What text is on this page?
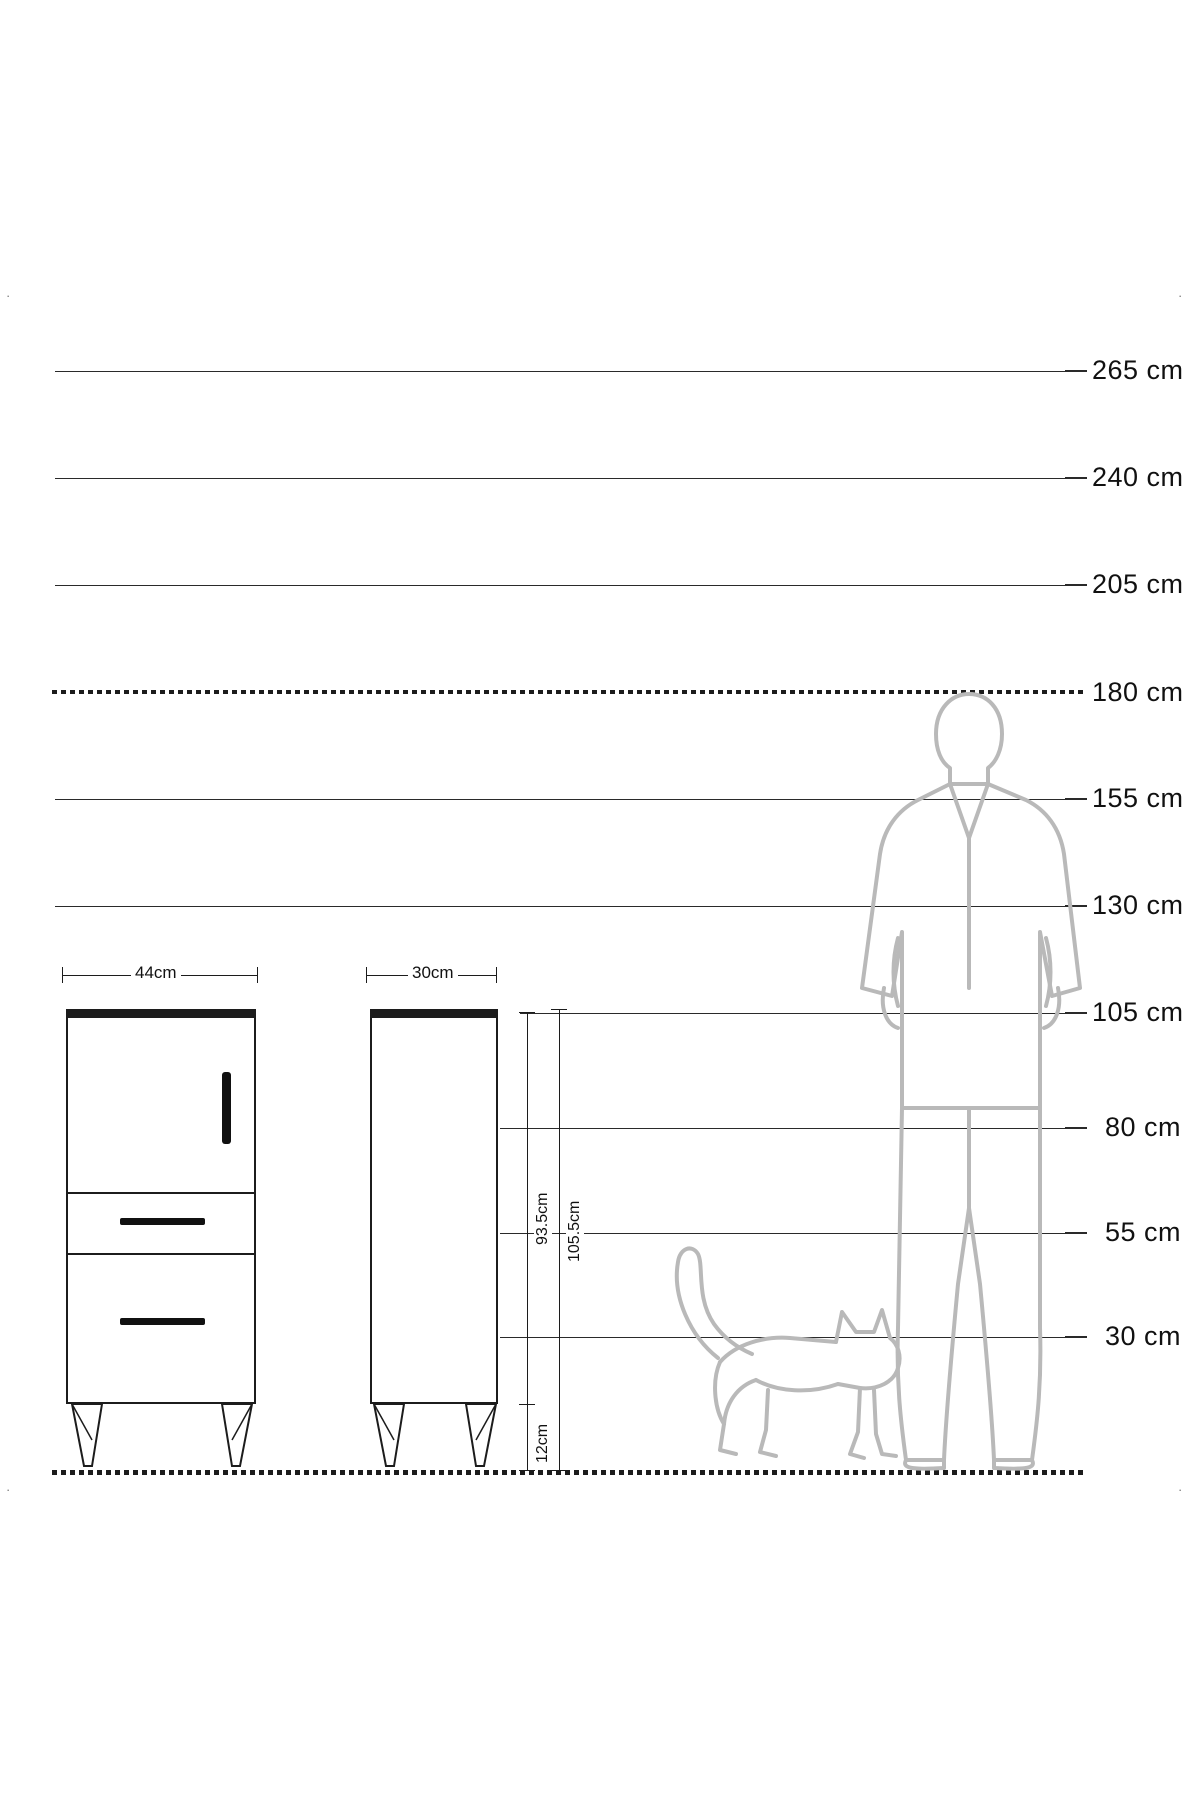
·	·
·	·
265 cm
240 cm
205 cm
180 cm
155 cm
130 cm
105 cm
80 cm
55 cm
30 cm
44cm	30cm
93.5cm 105.5cm
12cm
